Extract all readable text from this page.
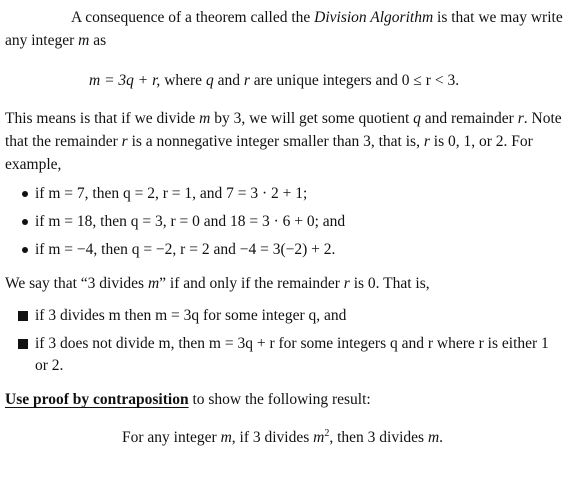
A consequence of a theorem called the Division Algorithm is that we may write
any integer m as
m = 3q + r, where q and r are unique integers and 0 ≤ r < 3.
This means is that if we divide m by 3, we will get some quotient q and remainder r. Note
that the remainder r is a nonnegative integer smaller than 3, that is, r is 0, 1, or 2. For
example,
if m = 7, then q = 2, r = 1, and 7 = 3 · 2 + 1;
if m = 18, then q = 3, r = 0 and 18 = 3 · 6 + 0; and
if m = −4, then q = −2, r = 2 and −4 = 3(−2) + 2.
We say that “3 divides m” if and only if the remainder r is 0. That is,
if 3 divides m then m = 3q for some integer q, and
if 3 does not divide m, then m = 3q + r for some integers q and r where r is either 1
or 2.
Use proof by contraposition to show the following result:
For any integer m, if 3 divides $m^2$, then 3 divides m.
